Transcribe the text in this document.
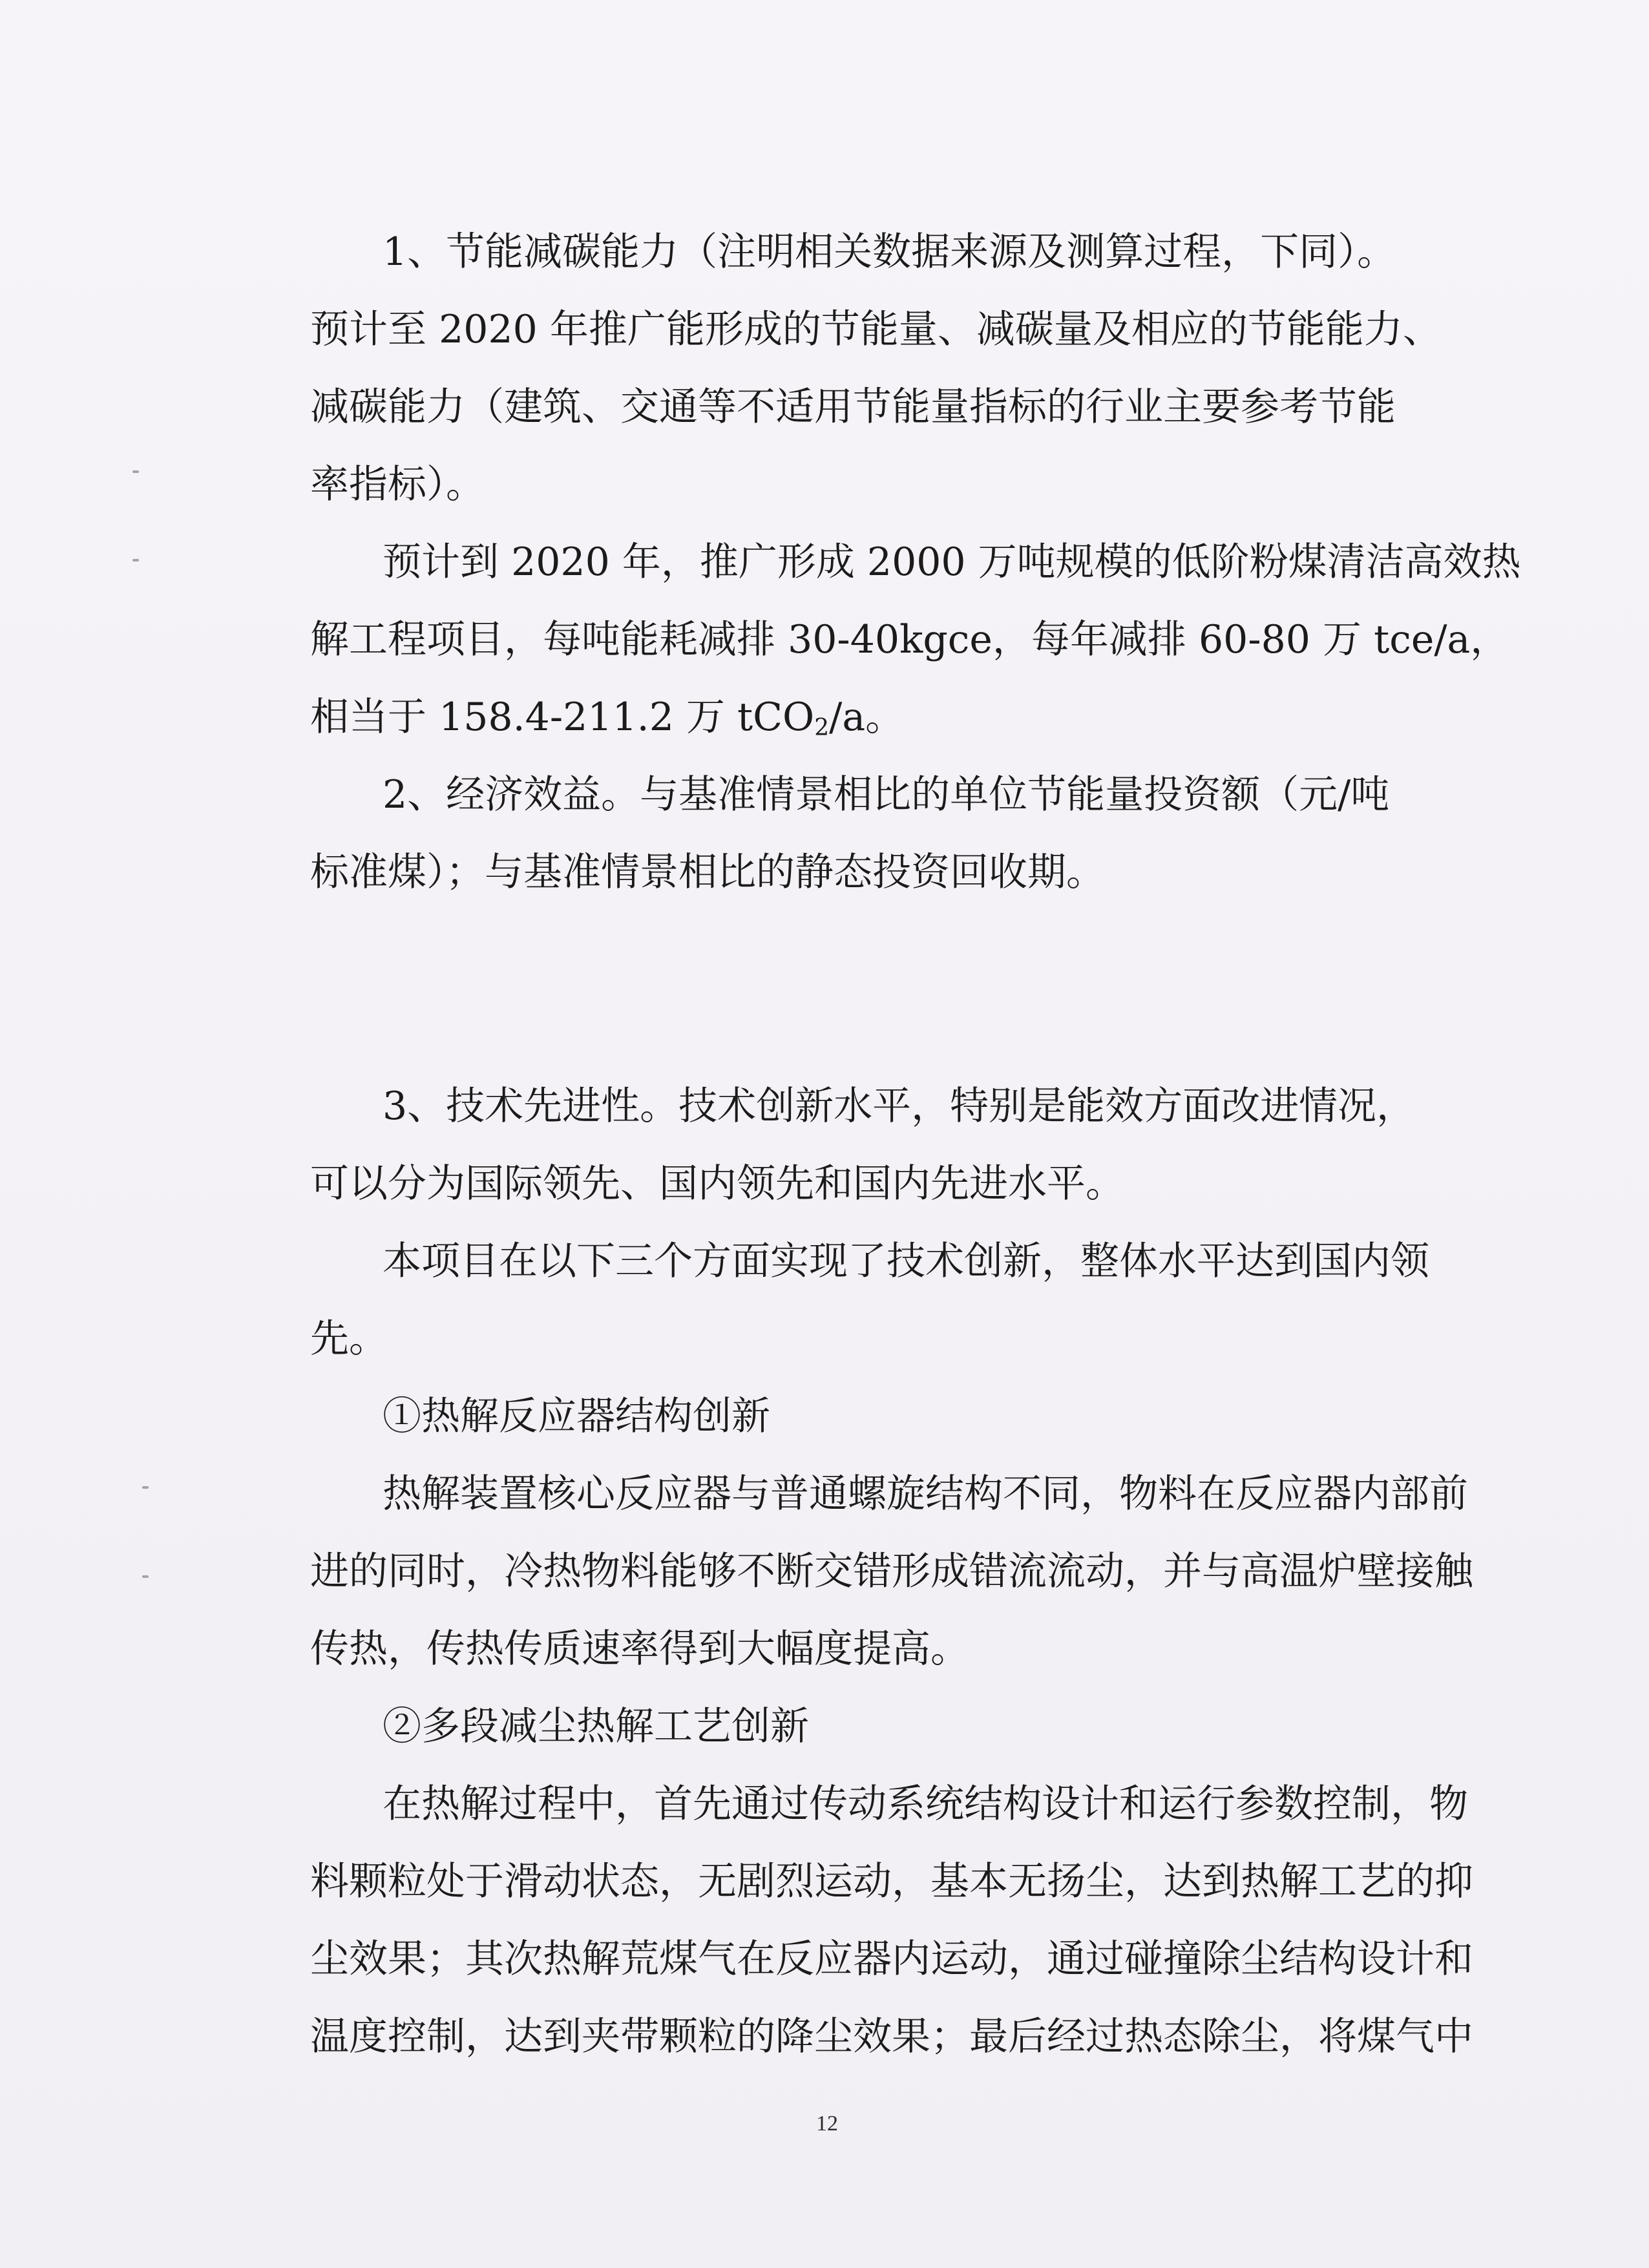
1、节能减碳能力（注明相关数据来源及测算过程，下同）。
预计至 2020 年推广能形成的节能量、减碳量及相应的节能能力、
减碳能力（建筑、交通等不适用节能量指标的行业主要参考节能
率指标）。
预计到 2020 年，推广形成 2000 万吨规模的低阶粉煤清洁高效热
解工程项目，每吨能耗减排 30-40kgce，每年减排 60-80 万 tce/a，
相当于 158.4-211.2 万 tCO$_2$/a。
2、经济效益。与基准情景相比的单位节能量投资额（元/吨
标准煤）；与基准情景相比的静态投资回收期。
3、技术先进性。技术创新水平，特别是能效方面改进情况，
可以分为国际领先、国内领先和国内先进水平。
本项目在以下三个方面实现了技术创新，整体水平达到国内领
先。
①热解反应器结构创新
热解装置核心反应器与普通螺旋结构不同，物料在反应器内部前
进的同时，冷热物料能够不断交错形成错流流动，并与高温炉壁接触
传热，传热传质速率得到大幅度提高。
②多段减尘热解工艺创新
在热解过程中，首先通过传动系统结构设计和运行参数控制，物
料颗粒处于滑动状态，无剧烈运动，基本无扬尘，达到热解工艺的抑
尘效果；其次热解荒煤气在反应器内运动，通过碰撞除尘结构设计和
温度控制，达到夹带颗粒的降尘效果；最后经过热态除尘，将煤气中
12
